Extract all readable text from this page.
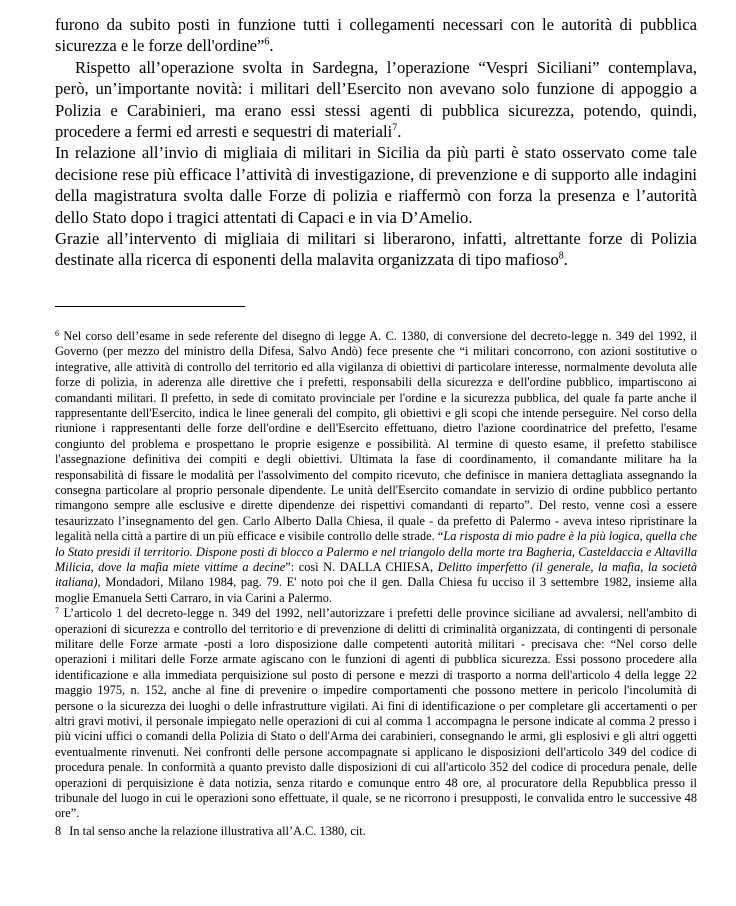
furono da subito posti in funzione tutti i collegamenti necessari con le autorità di pubblica sicurezza e le forze dell'ordine”$^6$.

Rispetto all’operazione svolta in Sardegna, l’operazione “Vespri Siciliani” contemplava, però, un’importante novità: i militari dell’Esercito non avevano solo funzione di appoggio a Polizia e Carabinieri, ma erano essi stessi agenti di pubblica sicurezza, potendo, quindi, procedere a fermi ed arresti e sequestri di materiali$^7$.

In relazione all’invio di migliaia di militari in Sicilia da più parti è stato osservato come tale decisione rese più efficace l’attività di investigazione, di prevenzione e di supporto alle indagini della magistratura svolta dalle Forze di polizia e riaffermò con forza la presenza e l’autorità dello Stato dopo i tragici attentati di Capaci e in via D’Amelio.

Grazie all’intervento di migliaia di militari si liberarono, infatti, altrettante forze di Polizia destinate alla ricerca di esponenti della malavita organizzata di tipo mafioso$^8$.

$^6$ Nel corso dell’esame in sede referente del disegno di legge A. C. 1380, di conversione del decreto-legge n. 349 del 1992, il Governo (per mezzo del ministro della Difesa, Salvo Andò) fece presente che “i militari concorrono, con azioni sostitutive o integrative, alle attività di controllo del territorio ed alla vigilanza di obiettivi di particolare interesse, normalmente devoluta alle forze di polizia, in aderenza alle direttive che i prefetti, responsabili della sicurezza e dell'ordine pubblico, impartiscono ai comandanti militari. Il prefetto, in sede di comitato provinciale per l'ordine e la sicurezza pubblica, del quale fa parte anche il rappresentante dell'Esercito, indica le linee generali del compito, gli obiettivi e gli scopi che intende perseguire. Nel corso della riunione i rappresentanti delle forze dell'ordine e dell'Esercito effettuano, dietro l'azione coordinatrice del prefetto, l'esame congiunto del problema e prospettano le proprie esigenze e possibilità. Al termine di questo esame, il prefetto stabilisce l'assegnazione definitiva dei compiti e degli obiettivi. Ultimata la fase di coordinamento, il comandante militare ha la responsabilità di fissare le modalità per l'assolvimento del compito ricevuto, che definisce in maniera dettagliata assegnando la consegna particolare al proprio personale dipendente. Le unità dell'Esercito comandate in servizio di ordine pubblico pertanto rimangono sempre alle esclusive e dirette dipendenze dei rispettivi comandanti di reparto”. Del resto, venne così a essere tesaurizzato l’insegnamento del gen. Carlo Alberto Dalla Chiesa, il quale - da prefetto di Palermo - aveva inteso ripristinare la legalità nella città a partire di un più efficace e visibile controllo delle strade. “La risposta di mio padre è la più logica, quella che lo Stato presidi il territorio. Dispone posti di blocco a Palermo e nel triangolo della morte tra Bagheria, Casteldaccia e Altavilla Milicia, dove la mafia miete vittime a decine”: così N. DALLA CHIESA, Delitto imperfetto (il generale, la mafia, la società italiana), Mondadori, Milano 1984, pag. 79. E' noto poi che il gen. Dalla Chiesa fu ucciso il 3 settembre 1982, insieme alla moglie Emanuela Setti Carraro, in via Carini a Palermo.

$^7$ L’articolo 1 del decreto-legge n. 349 del 1992, nell’autorizzare i prefetti delle province siciliane ad avvalersi, nell'ambito di operazioni di sicurezza e controllo del territorio e di prevenzione di delitti di criminalità organizzata, di contingenti di personale militare delle Forze armate -posti a loro disposizione dalle competenti autorità militari - precisava che: “Nel corso delle operazioni i militari delle Forze armate agiscano con le funzioni di agenti di pubblica sicurezza. Essi possono procedere alla identificazione e alla immediata perquisizione sul posto di persone e mezzi di trasporto a norma dell'articolo 4 della legge 22 maggio 1975, n. 152, anche al fine di prevenire o impedire comportamenti che possono mettere in pericolo l'incolumità di persone o la sicurezza dei luoghi o delle infrastrutture vigilati. Ai fini di identificazione o per completare gli accertamenti o per altri gravi motivi, il personale impiegato nelle operazioni di cui al comma 1 accompagna le persone indicate al comma 2 presso i più vicini uffici o comandi della Polizia di Stato o dell'Arma dei carabinieri, consegnando le armi, gli esplosivi e gli altri oggetti eventualmente rinvenuti. Nei confronti delle persone accompagnate si applicano le disposizioni dell'articolo 349 del codice di procedura penale. In conformità a quanto previsto dalle disposizioni di cui all'articolo 352 del codice di procedura penale, delle operazioni di perquisizione è data notizia, senza ritardo e comunque entro 48 ore, al procuratore della Repubblica presso il tribunale del luogo in cui le operazioni sono effettuate, il quale, se ne ricorrono i presupposti, le convalida entro le successive 48 ore”.

8 In tal senso anche la relazione illustrativa all’A.C. 1380, cit.
